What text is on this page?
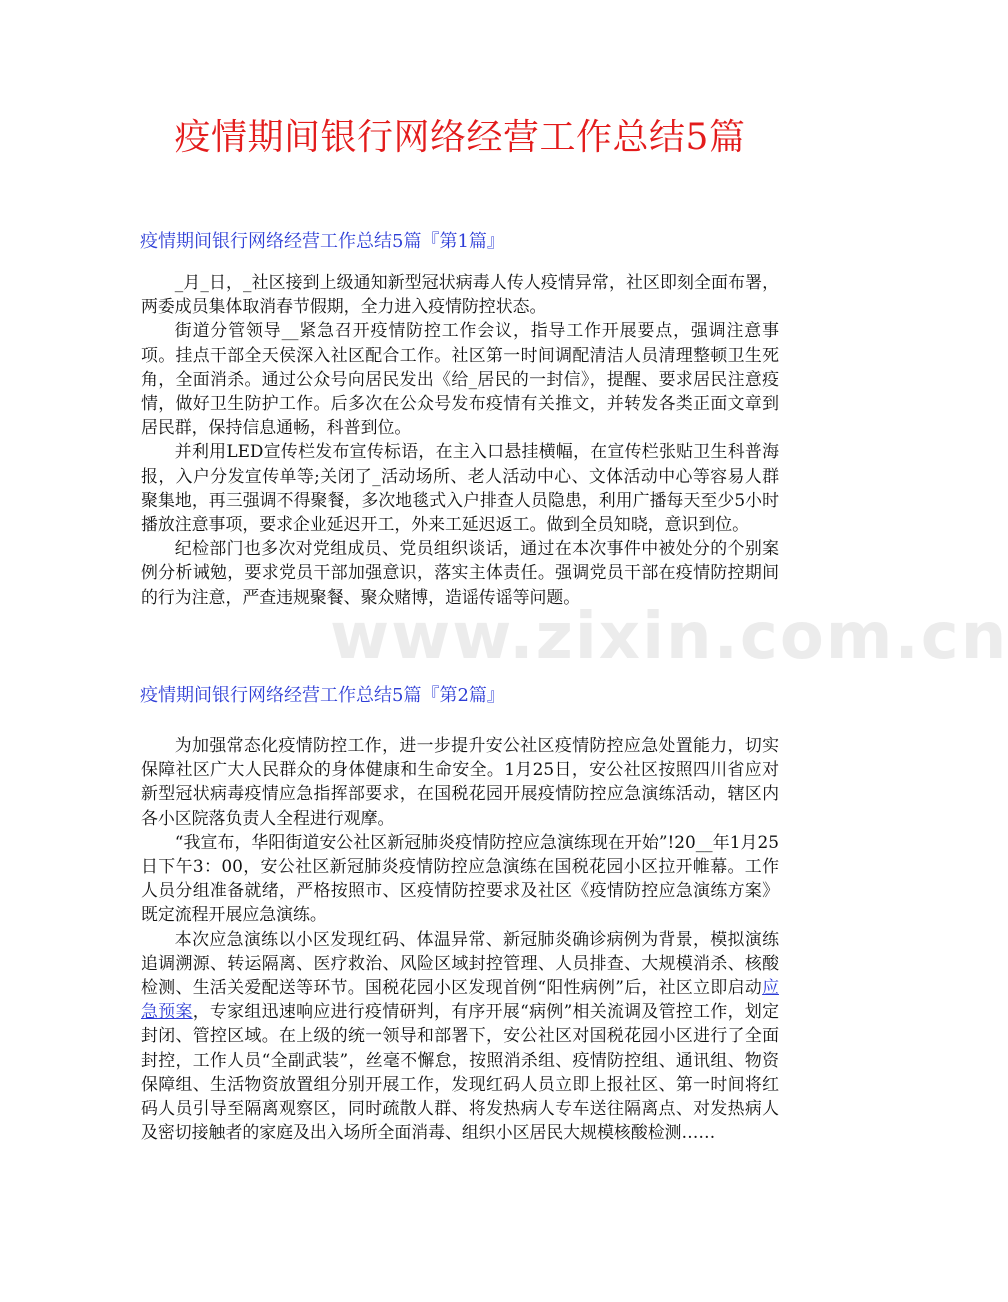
www.zixin.com.cn
疫情期间银行网络经营工作总结5篇
疫情期间银行网络经营工作总结5篇『第1篇』

_月_日，_社区接到上级通知新型冠状病毒人传人疫情异常，社区即刻全面布署，两委成员集体取消春节假期，全力进入疫情防控状态。

街道分管领导__紧急召开疫情防控工作会议，指导工作开展要点，强调注意事项。挂点干部全天侯深入社区配合工作。社区第一时间调配清洁人员清理整顿卫生死角，全面消杀。通过公众号向居民发出《给_居民的一封信》，提醒、要求居民注意疫情，做好卫生防护工作。后多次在公众号发布疫情有关推文，并转发各类正面文章到居民群，保持信息通畅，科普到位。

并利用LED宣传栏发布宣传标语，在主入口悬挂横幅，在宣传栏张贴卫生科普海报，入户分发宣传单等;关闭了_活动场所、老人活动中心、文体活动中心等容易人群聚集地，再三强调不得聚餐，多次地毯式入户排查人员隐患，利用广播每天至少5小时播放注意事项，要求企业延迟开工，外来工延迟返工。做到全员知晓，意识到位。

纪检部门也多次对党组成员、党员组织谈话，通过在本次事件中被处分的个别案例分析诫勉，要求党员干部加强意识，落实主体责任。强调党员干部在疫情防控期间的行为注意，严查违规聚餐、聚众赌博，造谣传谣等问题。

疫情期间银行网络经营工作总结5篇『第2篇』

为加强常态化疫情防控工作，进一步提升安公社区疫情防控应急处置能力，切实保障社区广大人民群众的身体健康和生命安全。1月25日，安公社区按照四川省应对新型冠状病毒疫情应急指挥部要求，在国税花园开展疫情防控应急演练活动，辖区内各小区院落负责人全程进行观摩。

“我宣布，华阳街道安公社区新冠肺炎疫情防控应急演练现在开始”!20__年1月25日下午3：00，安公社区新冠肺炎疫情防控应急演练在国税花园小区拉开帷幕。工作人员分组准备就绪，严格按照市、区疫情防控要求及社区《疫情防控应急演练方案》既定流程开展应急演练。

本次应急演练以小区发现红码、体温异常、新冠肺炎确诊病例为背景，模拟演练追调溯源、转运隔离、医疗救治、风险区域封控管理、人员排查、大规模消杀、核酸检测、生活关爱配送等环节。国税花园小区发现首例“阳性病例”后，社区立即启动应急预案，专家组迅速响应进行疫情研判，有序开展“病例”相关流调及管控工作，划定封闭、管控区域。在上级的统一领导和部署下，安公社区对国税花园小区进行了全面封控，工作人员“全副武装”，丝毫不懈怠，按照消杀组、疫情防控组、通讯组、物资保障组、生活物资放置组分别开展工作，发现红码人员立即上报社区、第一时间将红码人员引导至隔离观察区，同时疏散人群、将发热病人专车送往隔离点、对发热病人及密切接触者的家庭及出入场所全面消毒、组织小区居民大规模核酸检测……
